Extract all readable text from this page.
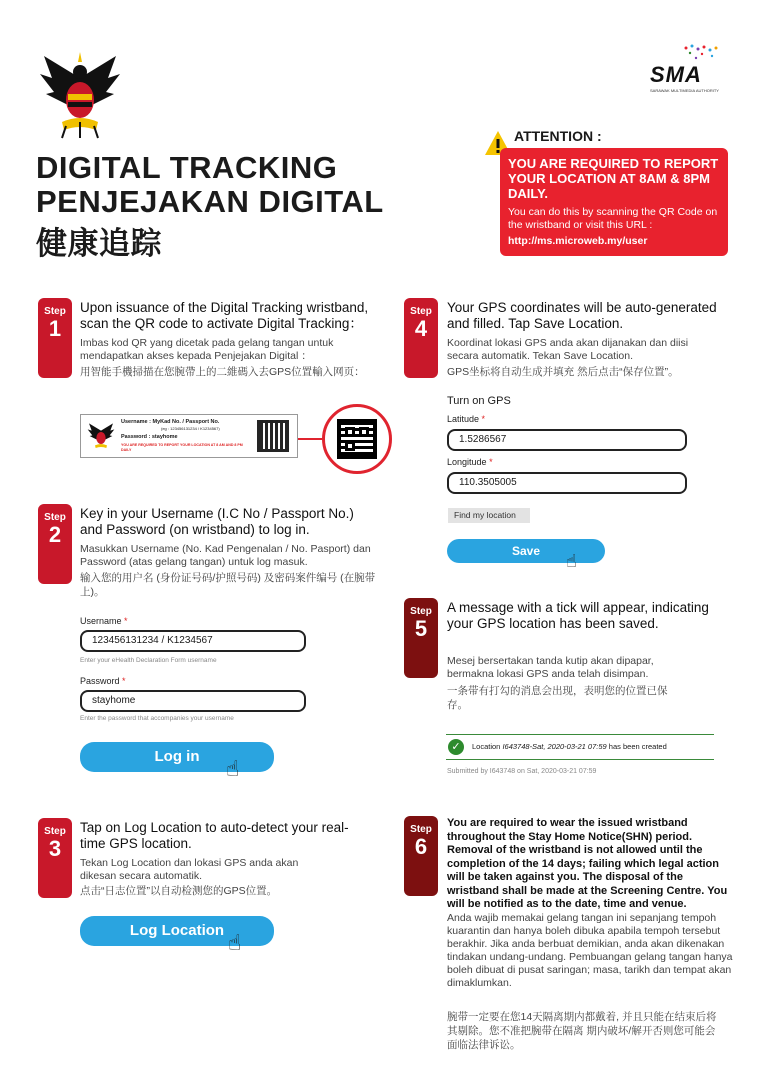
SMA
SARAWAK MULTIMEDIA AUTHORITY
DIGITAL TRACKING
PENJEJAKAN DIGITAL
健康追踪
ATTENTION :
YOU ARE REQUIRED TO REPORT YOUR LOCATION AT 8AM & 8PM DAILY.
You can do this by scanning the QR Code on the wristband or visit this URL :
http://ms.microweb.my/user
Step
1
Upon issuance of the Digital Tracking wristband, scan the QR code to activate Digital Tracking：
Imbas kod QR yang dicetak pada gelang tangan untuk mendapatkan akses kepada Penjejakan Digital ：
用智能手機掃描在您腕帶上的二維碼入去GPS位置輸入网页：
Username : MyKad No. / Passport No.
(eg : 123456131234 / K1234567)
Password : stayhome
YOU ARE REQUIRED TO REPORT YOUR LOCATION AT 8 AM AND 8 PM DAILY
Step
2
Key in your Username (I.C No / Passport No.) and Password (on wristband) to log in.
Masukkan Username (No. Kad Pengenalan / No. Pasport) dan Password (atas gelang tangan) untuk log masuk.
输入您的用户名 (身份证号码/护照号码) 及密码案件编号 (在腕带上)。
Username *
123456131234 / K1234567
Enter your eHealth Declaration Form username
Password *
stayhome
Enter the password that accompanies your username
Log in	☝
Step
3
Tap on Log Location to auto-detect your real-time GPS location.
Tekan Log Location dan lokasi GPS anda akan dikesan secara automatik.
点击“日志位置”以自动检测您的GPS位置。
Log Location ☝
Step
4
Your GPS coordinates will be auto-generated and filled. Tap Save Location.
Koordinat lokasi GPS anda akan dijanakan dan diisi secara automatik. Tekan Save Location.
GPS坐标将自动生成并填充 然后点击“保存位置”。
Turn on GPS
Latitude *
1.5286567
Longitude *
110.3505005
Find my location
Save	☝
Step
5
A message with a tick will appear, indicating your GPS location has been saved.
Mesej bersertakan tanda kutip akan dipapar, bermakna lokasi GPS anda telah disimpan.
一条带有打勾的消息会出现，表明您的位置已保存。
✓	Location I643748-Sat, 2020-03-21 07:59 has been created
Submitted by I643748 on Sat, 2020-03-21 07:59
Step
6
You are required to wear the issued wristband throughout the Stay Home Notice(SHN) period. Removal of the wristband is not allowed until the completion of the 14 days; failing which legal action will be taken against you. The disposal of the wristband shall be made at the Screening Centre. You will be notified as to the date, time and venue.
Anda wajib memakai gelang tangan ini sepanjang tempoh kuarantin dan hanya boleh dibuka apabila tempoh tersebut berakhir. Jika anda berbuat demikian, anda akan dikenakan tindakan undang-undang. Pembuangan gelang tangan hanya boleh dibuat di pusat saringan; masa, tarikh dan tempat akan dimaklumkan.
腕带一定要在您14天隔离期内都戴着, 并且只能在结束后将其剔除。您不准把腕带在隔离 期内破坏/解开否则您可能会面临法律诉讼。
